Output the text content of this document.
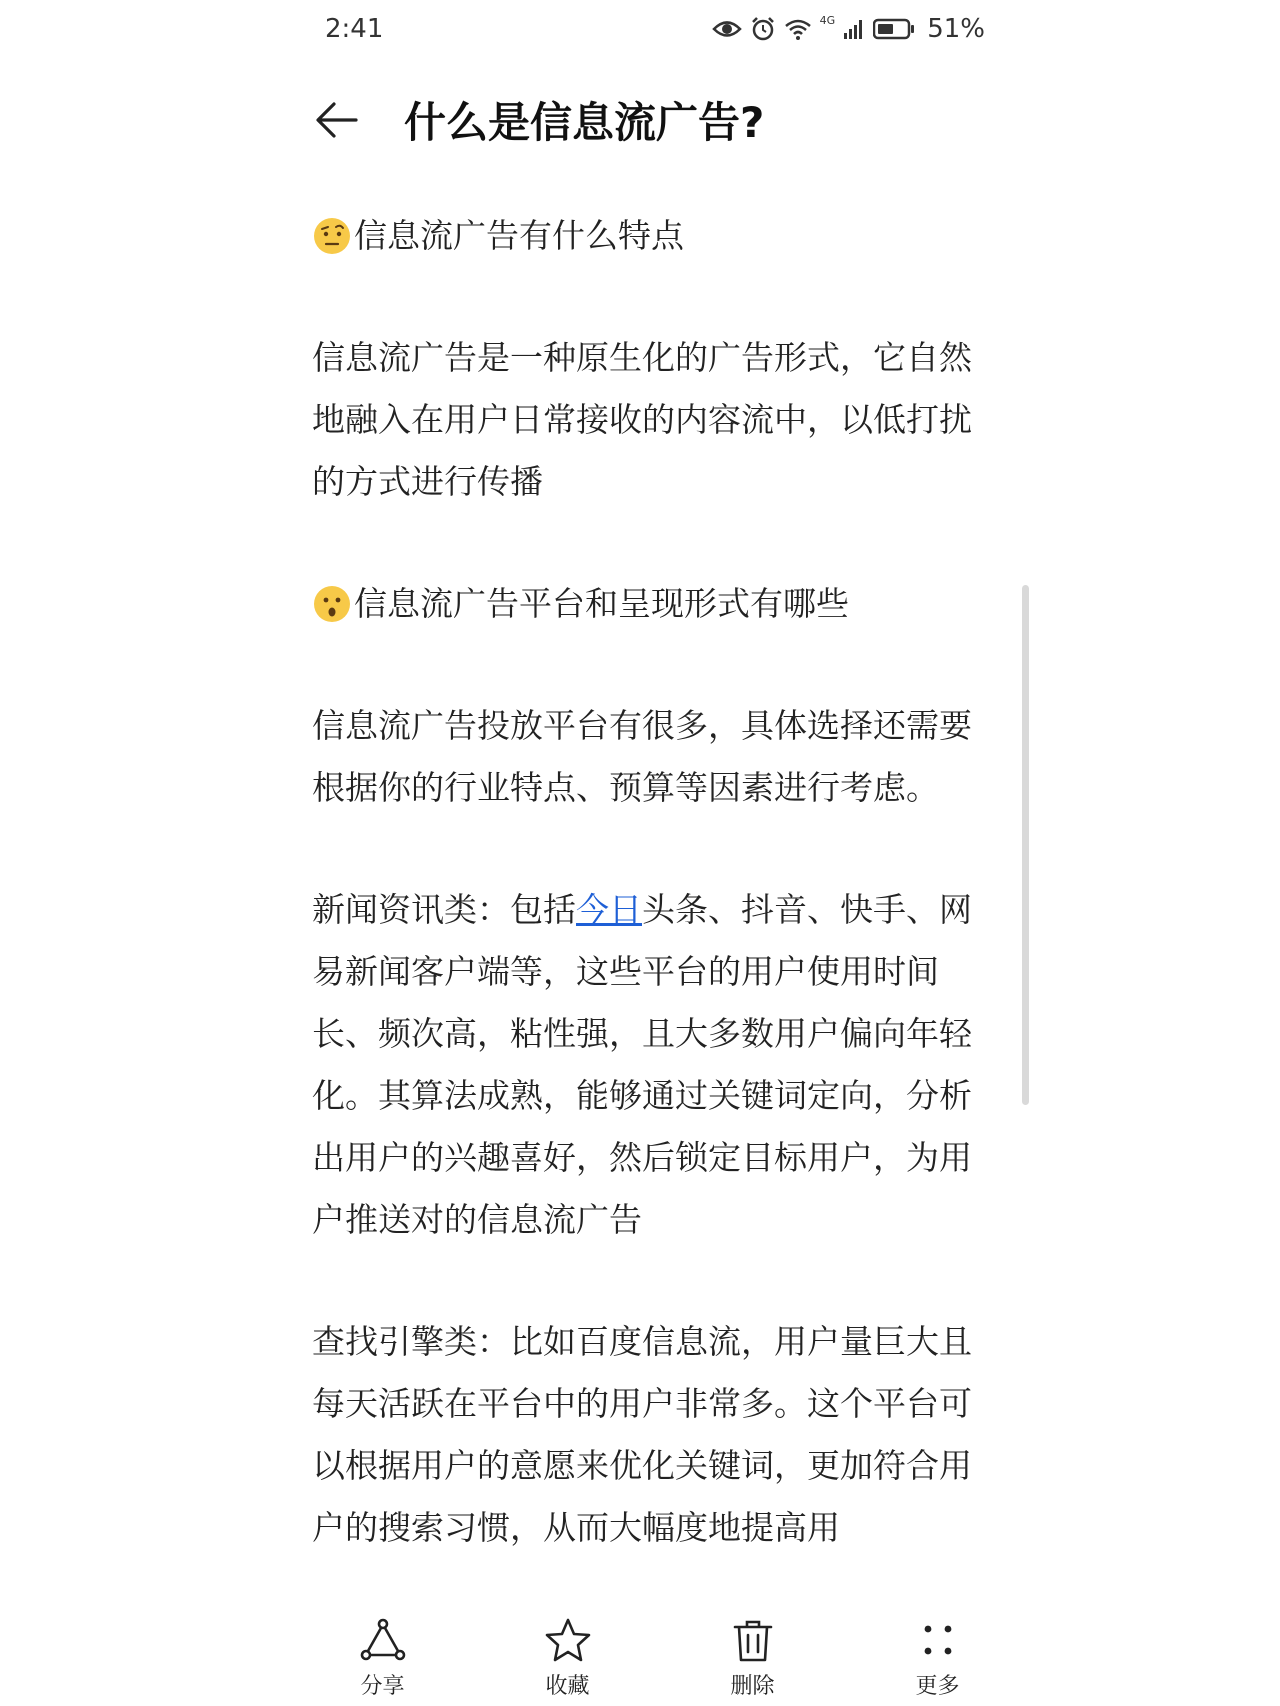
2:41	4G	51%
什么是信息流广告?

信息流广告有什么特点

信息流广告是一种原生化的广告形式，它自然地融入在用户日常接收的内容流中，以低打扰的方式进行传播

信息流广告平台和呈现形式有哪些

信息流广告投放平台有很多，具体选择还需要根据你的行业特点、预算等因素进行考虑。

新闻资讯类：包括今日头条、抖音、快手、网易新闻客户端等，这些平台的用户使用时间长、频次高，粘性强，且大多数用户偏向年轻化。其算法成熟，能够通过关键词定向，分析出用户的兴趣喜好，然后锁定目标用户，为用户推送对的信息流广告

查找引擎类：比如百度信息流，用户量巨大且每天活跃在平台中的用户非常多。这个平台可以根据用户的意愿来优化关键词，更加符合用户的搜索习惯，从而大幅度地提高用

分享	收藏	删除	更多
